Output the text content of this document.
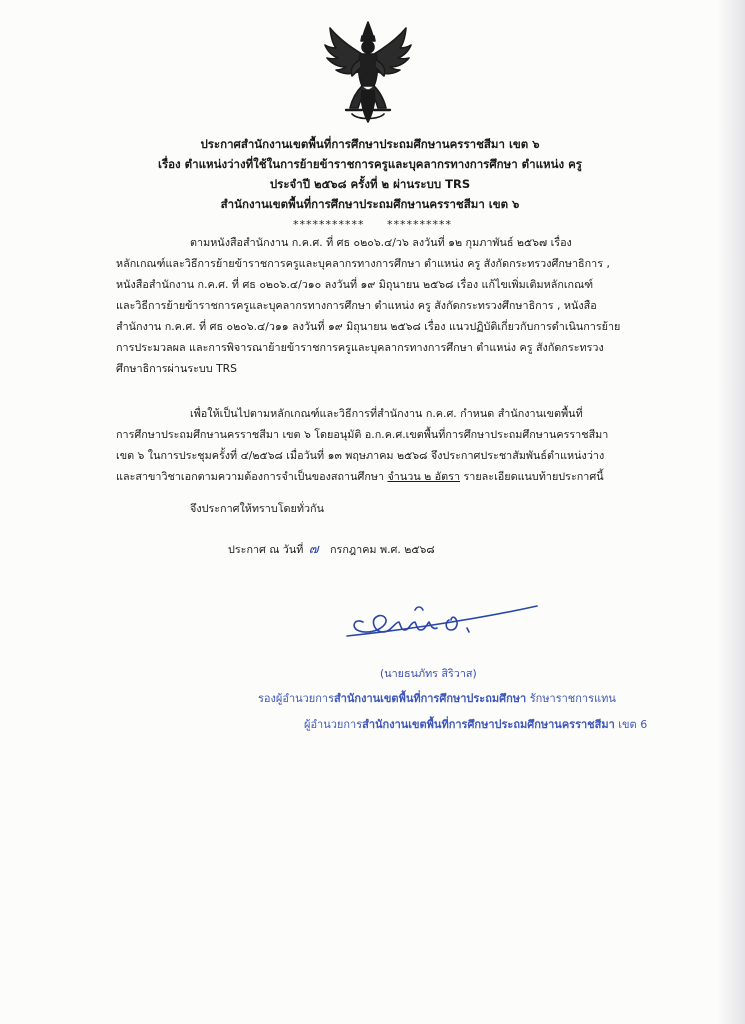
ประกาศสำนักงานเขตพื้นที่การศึกษาประถมศึกษานครราชสีมา เขต ๖
เรื่อง ตำแหน่งว่างที่ใช้ในการย้ายข้าราชการครูและบุคลากรทางการศึกษา ตำแหน่ง ครู
ประจำปี ๒๕๖๘ ครั้งที่ ๒ ผ่านระบบ TRS
สำนักงานเขตพื้นที่การศึกษาประถมศึกษานครราชสีมา เขต ๖
***********     **********
ตามหนังสือสำนักงาน ก.ค.ศ. ที่ ศธ ๐๒๐๖.๔/ว๖ ลงวันที่ ๑๒ กุมภาพันธ์ ๒๕๖๗ เรื่อง
หลักเกณฑ์และวิธีการย้ายข้าราชการครูและบุคลากรทางการศึกษา ตำแหน่ง ครู สังกัดกระทรวงศึกษาธิการ ,
หนังสือสำนักงาน ก.ค.ศ. ที่ ศธ ๐๒๐๖.๔/ว๑๐ ลงวันที่ ๑๙ มิถุนายน ๒๕๖๘ เรื่อง แก้ไขเพิ่มเติมหลักเกณฑ์
และวิธีการย้ายข้าราชการครูและบุคลากรทางการศึกษา ตำแหน่ง ครู สังกัดกระทรวงศึกษาธิการ , หนังสือ
สำนักงาน ก.ค.ศ. ที่ ศธ ๐๒๐๖.๔/ว๑๑ ลงวันที่ ๑๙ มิถุนายน ๒๕๖๘ เรื่อง แนวปฏิบัติเกี่ยวกับการดำเนินการย้าย
การประมวลผล และการพิจารณาย้ายข้าราชการครูและบุคลากรทางการศึกษา ตำแหน่ง ครู สังกัดกระทรวง
ศึกษาธิการผ่านระบบ TRS
เพื่อให้เป็นไปตามหลักเกณฑ์และวิธีการที่สำนักงาน ก.ค.ศ. กำหนด สำนักงานเขตพื้นที่
การศึกษาประถมศึกษานครราชสีมา เขต ๖ โดยอนุมัติ อ.ก.ค.ศ.เขตพื้นที่การศึกษาประถมศึกษานครราชสีมา
เขต ๖ ในการประชุมครั้งที่ ๔/๒๕๖๘ เมื่อวันที่ ๑๓ พฤษภาคม ๒๕๖๘ จึงประกาศประชาสัมพันธ์ตำแหน่งว่าง
และสาขาวิชาเอกตามความต้องการจำเป็นของสถานศึกษา จำนวน ๒ อัตรา รายละเอียดแนบท้ายประกาศนี้
จึงประกาศให้ทราบโดยทั่วกัน
ประกาศ ณ วันที่ ๗ กรกฎาคม พ.ศ. ๒๕๖๘
(นายธนภัทร สิริวาส)
รองผู้อำนวยการสำนักงานเขตพื้นที่การศึกษาประถมศึกษา รักษาราชการแทน
ผู้อำนวยการสำนักงานเขตพื้นที่การศึกษาประถมศึกษานครราชสีมา เขต 6
